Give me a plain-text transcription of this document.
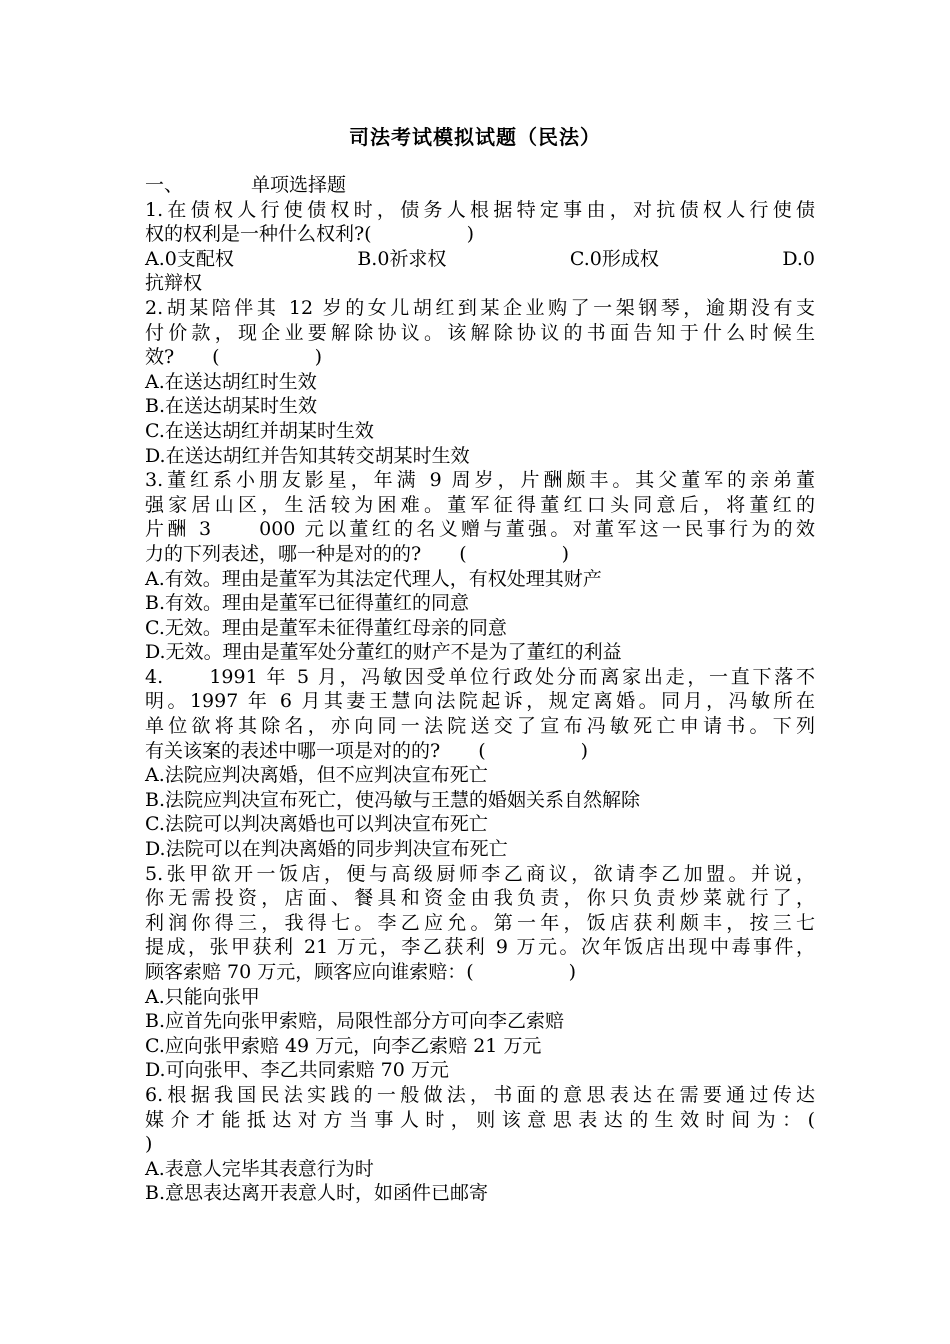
司法考试模拟试题（民法）
一、	单项选择题
1.在债权人行使债权时，债务人根据特定事由，对抗债权人行使债
权的权利是一种什么权利?(　　　　　)
A.0支配权	B.0祈求权	C.0形成权	D.0
抗辩权
2.胡某陪伴其 12 岁的女儿胡红到某企业购了一架钢琴，逾期没有支
付价款，现企业要解除协议。该解除协议的书面告知于什么时候生
效?　　(　　　　　)
A.在送达胡红时生效
B.在送达胡某时生效
C.在送达胡红并胡某时生效
D.在送达胡红并告知其转交胡某时生效
3.董红系小朋友影星，年满 9 周岁，片酬颇丰。其父董军的亲弟董
强家居山区，生活较为困难。董军征得董红口头同意后，将董红的
片酬 3　　000 元以董红的名义赠与董强。对董军这一民事行为的效
力的下列表述，哪一种是对的的?　　(　　　　　)
A.有效。理由是董军为其法定代理人，有权处理其财产
B.有效。理由是董军已征得董红的同意
C.无效。理由是董军未征得董红母亲的同意
D.无效。理由是董军处分董红的财产不是为了董红的利益
4.　　1991 年 5 月，冯敏因受单位行政处分而离家出走，一直下落不
明。1997 年 6 月其妻王慧向法院起诉，规定离婚。同月，冯敏所在
单位欲将其除名，亦向同一法院送交了宣布冯敏死亡申请书。下列
有关该案的表述中哪一项是对的的?　　(　　　　　)
A.法院应判决离婚，但不应判决宣布死亡
B.法院应判决宣布死亡，使冯敏与王慧的婚姻关系自然解除
C.法院可以判决离婚也可以判决宣布死亡
D.法院可以在判决离婚的同步判决宣布死亡
5.张甲欲开一饭店，便与高级厨师李乙商议，欲请李乙加盟。并说，
你无需投资，店面、餐具和资金由我负责，你只负责炒菜就行了，
利润你得三，我得七。李乙应允。第一年，饭店获利颇丰，按三七
提成，张甲获利 21 万元，李乙获利 9 万元。次年饭店出现中毒事件，
顾客索赔 70 万元，顾客应向谁索赔：(　　　　　)
A.只能向张甲
B.应首先向张甲索赔，局限性部分方可向李乙索赔
C.应向张甲索赔 49 万元，向李乙索赔 21 万元
D.可向张甲、李乙共同索赔 70 万元
6.根据我国民法实践的一般做法，书面的意思表达在需要通过传达
媒介才能抵达对方当事人时，则该意思表达的生效时间为：(
)
A.表意人完毕其表意行为时
B.意思表达离开表意人时，如函件已邮寄
